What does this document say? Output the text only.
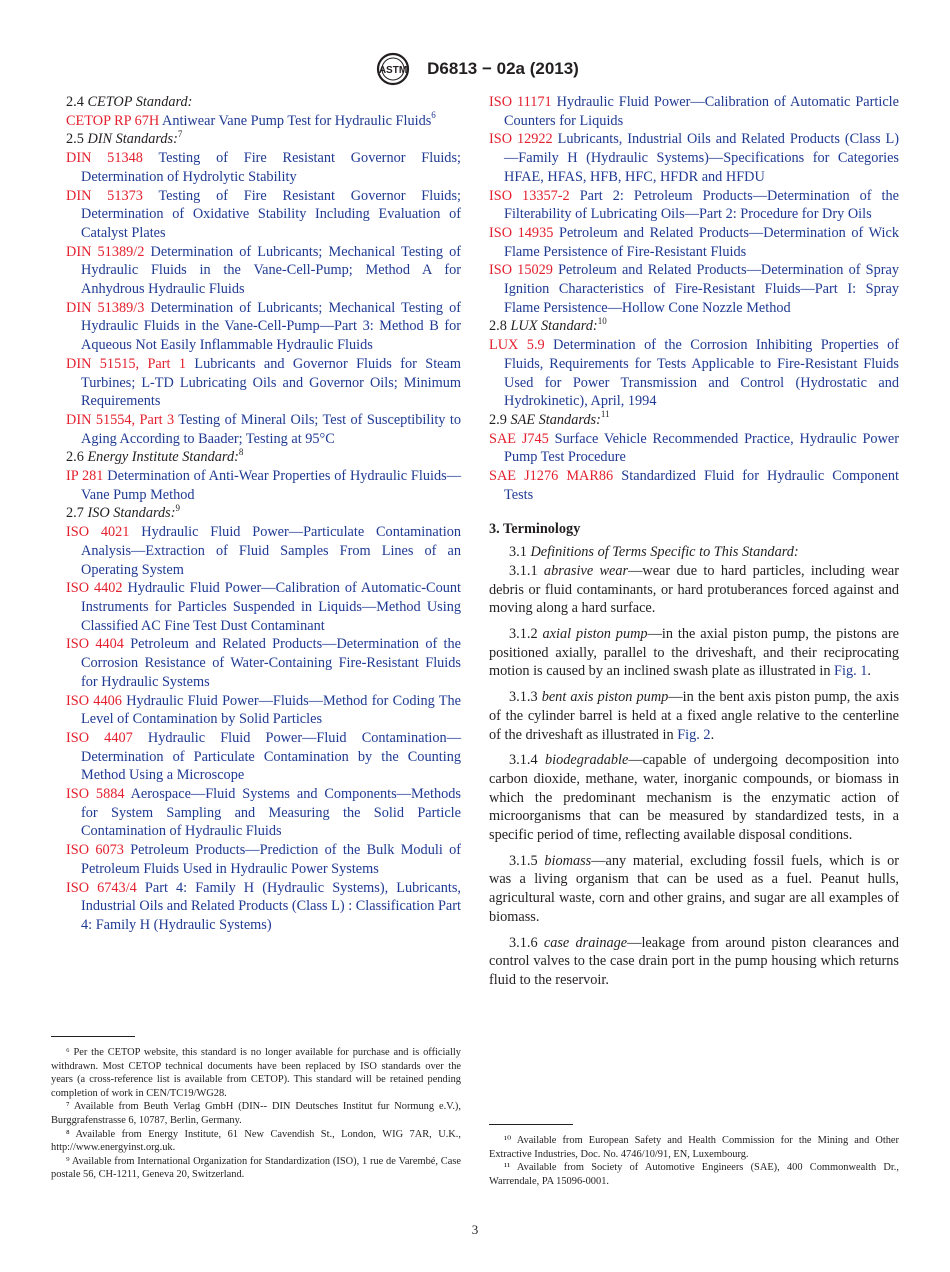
ASTM D6813 − 02a (2013)
2.4 CETOP Standard:
CETOP RP 67H Antiwear Vane Pump Test for Hydraulic Fluids$^6$
2.5 DIN Standards:$^7$
DIN 51348 Testing of Fire Resistant Governor Fluids; Determination of Hydrolytic Stability
DIN 51373 Testing of Fire Resistant Governor Fluids; Determination of Oxidative Stability Including Evaluation of Catalyst Plates
DIN 51389/2 Determination of Lubricants; Mechanical Testing of Hydraulic Fluids in the Vane-Cell-Pump; Method A for Anhydrous Hydraulic Fluids
DIN 51389/3 Determination of Lubricants; Mechanical Testing of Hydraulic Fluids in the Vane-Cell-Pump—Part 3: Method B for Aqueous Not Easily Inflammable Hydraulic Fluids
DIN 51515, Part 1 Lubricants and Governor Fluids for Steam Turbines; L-TD Lubricating Oils and Governor Oils; Minimum Requirements
DIN 51554, Part 3 Testing of Mineral Oils; Test of Susceptibility to Aging According to Baader; Testing at 95°C
2.6 Energy Institute Standard:$^8$
IP 281 Determination of Anti-Wear Properties of Hydraulic Fluids—Vane Pump Method
2.7 ISO Standards:$^9$
ISO 4021 Hydraulic Fluid Power—Particulate Contamination Analysis—Extraction of Fluid Samples From Lines of an Operating System
ISO 4402 Hydraulic Fluid Power—Calibration of Automatic-Count Instruments for Particles Suspended in Liquids—Method Using Classified AC Fine Test Dust Contaminant
ISO 4404 Petroleum and Related Products—Determination of the Corrosion Resistance of Water-Containing Fire-Resistant Fluids for Hydraulic Systems
ISO 4406 Hydraulic Fluid Power—Fluids—Method for Coding The Level of Contamination by Solid Particles
ISO 4407 Hydraulic Fluid Power—Fluid Contamination—Determination of Particulate Contamination by the Counting Method Using a Microscope
ISO 5884 Aerospace—Fluid Systems and Components—Methods for System Sampling and Measuring the Solid Particle Contamination of Hydraulic Fluids
ISO 6073 Petroleum Products—Prediction of the Bulk Moduli of Petroleum Fluids Used in Hydraulic Power Systems
ISO 6743/4 Part 4: Family H (Hydraulic Systems), Lubricants, Industrial Oils and Related Products (Class L) : Classification Part 4: Family H (Hydraulic Systems)
ISO 11171 Hydraulic Fluid Power—Calibration of Automatic Particle Counters for Liquids
ISO 12922 Lubricants, Industrial Oils and Related Products (Class L)—Family H (Hydraulic Systems)—Specifications for Categories HFAE, HFAS, HFB, HFC, HFDR and HFDU
ISO 13357-2 Part 2: Petroleum Products—Determination of the Filterability of Lubricating Oils—Part 2: Procedure for Dry Oils
ISO 14935 Petroleum and Related Products—Determination of Wick Flame Persistence of Fire-Resistant Fluids
ISO 15029 Petroleum and Related Products—Determination of Spray Ignition Characteristics of Fire-Resistant Fluids—Part I: Spray Flame Persistence—Hollow Cone Nozzle Method
2.8 LUX Standard:$^{10}$
LUX 5.9 Determination of the Corrosion Inhibiting Properties of Fluids, Requirements for Tests Applicable to Fire-Resistant Fluids Used for Power Transmission and Control (Hydrostatic and Hydrokinetic), April, 1994
2.9 SAE Standards:$^{11}$
SAE J745 Surface Vehicle Recommended Practice, Hydraulic Power Pump Test Procedure
SAE J1276 MAR86 Standardized Fluid for Hydraulic Component Tests
3. Terminology
3.1 Definitions of Terms Specific to This Standard:
3.1.1 abrasive wear—wear due to hard particles, including wear debris or fluid contaminants, or hard protuberances forced against and moving along a hard surface.
3.1.2 axial piston pump—in the axial piston pump, the pistons are positioned axially, parallel to the driveshaft, and their reciprocating motion is caused by an inclined swash plate as illustrated in Fig. 1.
3.1.3 bent axis piston pump—in the bent axis piston pump, the axis of the cylinder barrel is held at a fixed angle relative to the centerline of the driveshaft as illustrated in Fig. 2.
3.1.4 biodegradable—capable of undergoing decomposition into carbon dioxide, methane, water, inorganic compounds, or biomass in which the predominant mechanism is the enzymatic action of microorganisms that can be measured by standardized tests, in a specific period of time, reflecting available disposal conditions.
3.1.5 biomass—any material, excluding fossil fuels, which is or was a living organism that can be used as a fuel. Peanut hulls, agricultural waste, corn and other grains, and sugar are all examples of biomass.
3.1.6 case drainage—leakage from around piston clearances and control valves to the case drain port in the pump housing which returns fluid to the reservoir.
⁶ Per the CETOP website, this standard is no longer available for purchase and is officially withdrawn. Most CETOP technical documents have been replaced by ISO standards over the years (a cross-reference list is available from CETOP). This standard will be retained pending completion of work in CEN/TC19/WG28.
⁷ Available from Beuth Verlag GmbH (DIN-- DIN Deutsches Institut fur Normung e.V.), Burggrafenstrasse 6, 10787, Berlin, Germany.
⁸ Available from Energy Institute, 61 New Cavendish St., London, WIG 7AR, U.K., http://www.energyinst.org.uk.
⁹ Available from International Organization for Standardization (ISO), 1 rue de Varembé, Case postale 56, CH-1211, Geneva 20, Switzerland.
¹⁰ Available from European Safety and Health Commission for the Mining and Other Extractive Industries, Doc. No. 4746/10/91, EN, Luxembourg.
¹¹ Available from Society of Automotive Engineers (SAE), 400 Commonwealth Dr., Warrendale, PA 15096-0001.
3
